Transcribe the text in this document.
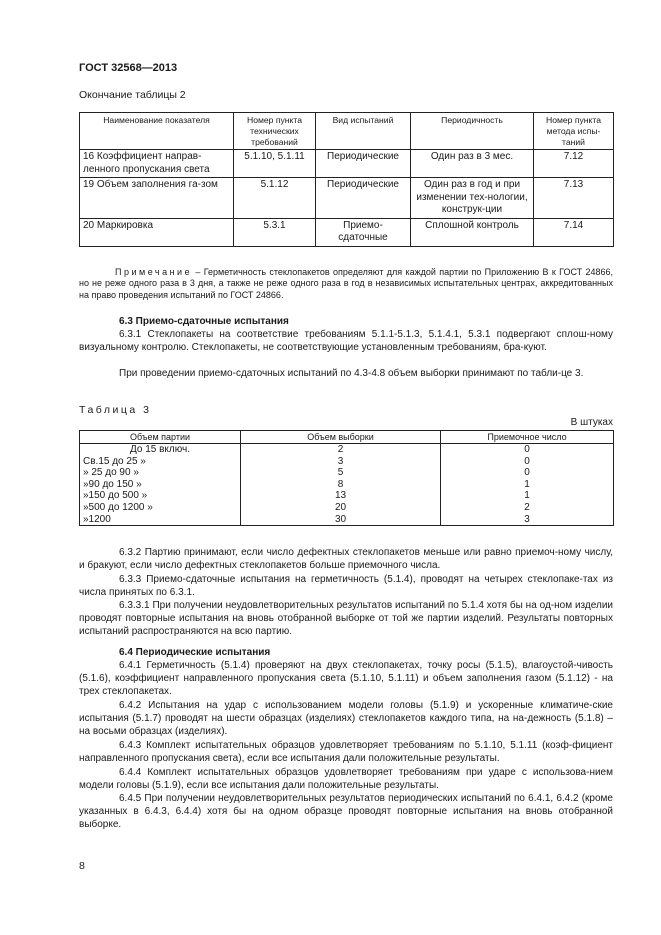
ГОСТ 32568—2013
Окончание таблицы 2
Наименование показателя	Номер пункта технических требований	Вид испытаний	Периодичность	Номер пункта метода испы-таний
16 Коэффициент направ-ленного пропускания света	5.1.10, 5.1.11	Периодические	Один раз в 3 мес.	7.12
19 Объем заполнения га-зом	5.1.12	Периодические	Один раз в год и при изменении тех-нологии, конструк-ции	7.13
20 Маркировка	5.3.1	Приемо-сдаточные	Сплошной контроль	7.14
Примечание – Герметичность стеклопакетов определяют для каждой партии по Приложению В к ГОСТ 24866, но не реже одного раза в 3 дня, а также не реже одного раза в год в независимых испытательных центрах, аккредитованных на право проведения испытаний по ГОСТ 24866.
6.3 Приемо-сдаточные испытания
6.3.1 Стеклопакеты на соответствие требованиям 5.1.1-5.1.3, 5.1.4.1, 5.3.1 подвергают сплош-ному визуальному контролю. Стеклопакеты, не соответствующие установленным требованиям, бра-куют.
При проведении приемо-сдаточных испытаний по 4.3-4.8 объем выборки принимают по табли-це 3.
Таблица 3
В штуках
Объем партии	Объем выборки	Приемочное число
До 15 включ.	2	0
Св.15 до 25 »	3	0
» 25 до 90 »	5	0
»90 до 150 »	8	1
»150 до 500 »	13	1
»500 до 1200 »	20	2
»1200	30	3
6.3.2 Партию принимают, если число дефектных стеклопакетов меньше или равно приемоч-ному числу, и бракуют, если число дефектных стеклопакетов больше приемочного числа.
6.3.3 Приемо-сдаточные испытания на герметичность (5.1.4), проводят на четырех стеклопакe-тах из числа принятых по 6.3.1.
6.3.3.1 При получении неудовлетворительных результатов испытаний по 5.1.4 хотя бы на од-ном изделии проводят повторные испытания на вновь отобранной выборке от той же партии изделий. Результаты повторных испытаний распространяются на всю партию.
6.4 Периодические испытания
6.4.1 Герметичность (5.1.4) проверяют на двух стеклопакетах, точку росы (5.1.5), влагоустой-чивость (5.1.6), коэффициент направленного пропускания света (5.1.10, 5.1.11) и объем заполнения газом (5.1.12) - на трех стеклопакетах.
6.4.2 Испытания на удар с использованием модели головы (5.1.9) и ускоренные климатиче-ские испытания (5.1.7) проводят на шести образцах (изделиях) стеклопакетов каждого типа, на на-дежность (5.1.8) – на восьми образцах (изделиях).
6.4.3 Комплект испытательных образцов удовлетворяет требованиям по 5.1.10, 5.1.11 (коэф-фициент направленного пропускания света), если все испытания дали положительные результаты.
6.4.4 Комплект испытательных образцов удовлетворяет требованиям при ударе с использова-нием модели головы (5.1.9), если все испытания дали положительные результаты.
6.4.5 При получении неудовлетворительных результатов периодических испытаний по 6.4.1, 6.4.2 (кроме указанных в 6.4.3, 6.4.4) хотя бы на одном образце проводят повторные испытания на вновь отобранной выборке.
8
